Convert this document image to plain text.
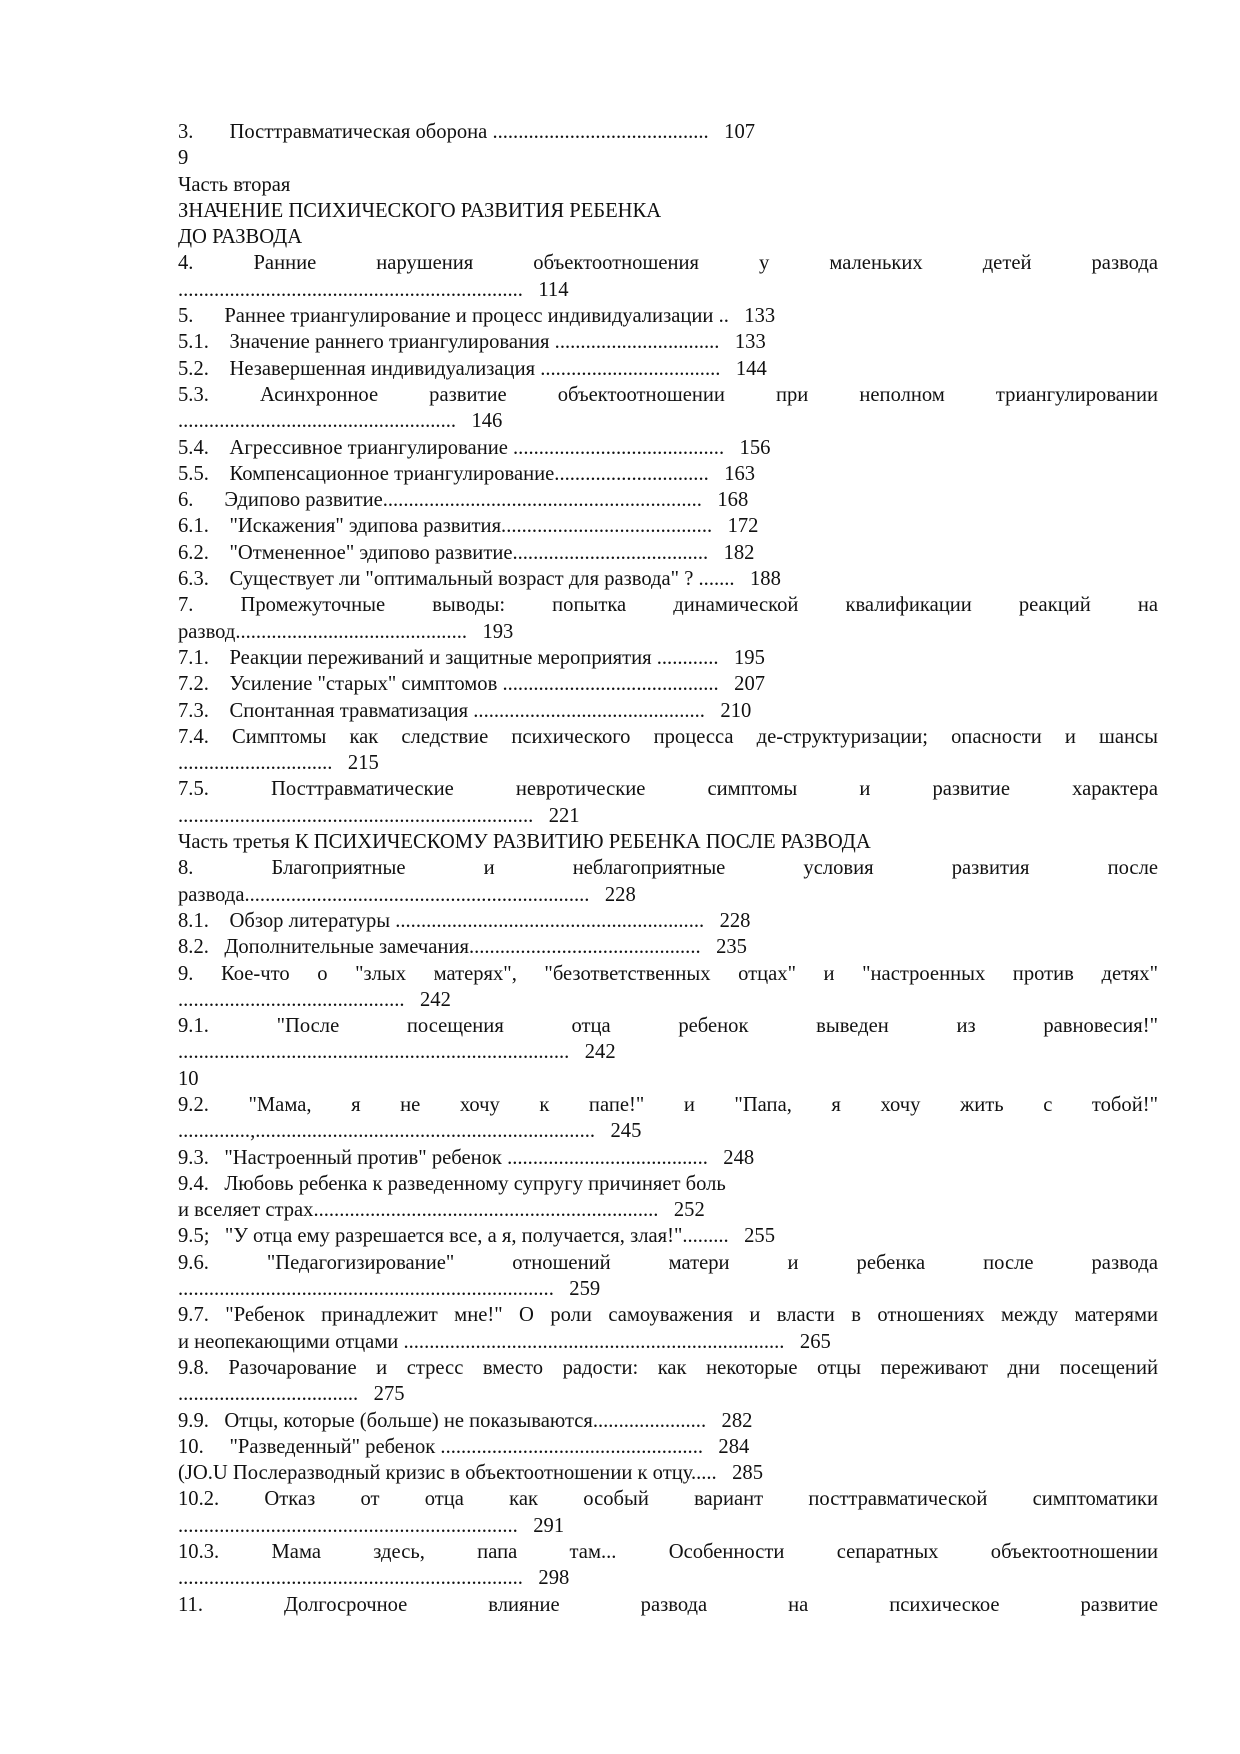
3.       Посттравматическая оборона ..........................................   107
9
Часть вторая
ЗНАЧЕНИЕ ПСИХИЧЕСКОГО РАЗВИТИЯ РЕБЕНКА
ДО РАЗВОДА
4. Ранние нарушения объектоотношения у маленьких детей развода
...................................................................   114
5.      Раннее триангулирование и процесс индивидуализации ..   133
5.1.    Значение раннего триангулирования ................................   133
5.2.    Незавершенная индивидуализация ...................................   144
5.3. Асинхронное развитие объектоотношении при неполном триангулировании
......................................................   146
5.4.    Агрессивное триангулирование .........................................   156
5.5.    Компенсационное триангулирование..............................   163
6.      Эдипово развитие..............................................................   168
6.1.    "Искажения" эдипова развития.........................................   172
6.2.    "Отмененное" эдипово развитие......................................   182
6.3.    Существует ли "оптимальный возраст для развода" ? .......   188
7. Промежуточные выводы: попытка динамической квалификации реакций на
развод.............................................   193
7.1.    Реакции переживаний и защитные мероприятия ............   195
7.2.    Усиление "старых" симптомов ..........................................   207
7.3.    Спонтанная травматизация .............................................   210
7.4. Симптомы как следствие психического процесса де-структуризации; опасности и шансы
..............................   215
7.5. Посттравматические невротические симптомы и развитие характера
.....................................................................   221
Часть третья К ПСИХИЧЕСКОМУ РАЗВИТИЮ РЕБЕНКА ПОСЛЕ РАЗВОДА
8. Благоприятные и неблагоприятные условия развития после
развода...................................................................   228
8.1.    Обзор литературы ............................................................   228
8.2.   Дополнительные замечания.............................................   235
9. Кое-что о "злых матерях", "безответственных отцах" и "настроенных против детях"
............................................   242
9.1. "После посещения отца ребенок выведен из равновесия!"
............................................................................   242
10
9.2. "Мама, я не хочу к папе!" и "Папа, я хочу жить с тобой!"
..............,..................................................................   245
9.3.   "Настроенный против" ребенок .......................................   248
9.4.   Любовь ребенка к разведенному супругу причиняет боль
и вселяет страх...................................................................   252
9.5;   "У отца ему разрешается все, а я, получается, злая!".........   255
9.6. "Педагогизирование" отношений матери и ребенка после развода
.........................................................................   259
9.7. "Ребенок принадлежит мне!" О роли самоуважения и власти в отношениях между матерями
и неопекающими отцами ..........................................................................   265
9.8. Разочарование и стресс вместо радости: как некоторые отцы переживают дни посещений
...................................   275
9.9.   Отцы, которые (больше) не показываются......................   282
10.     "Разведенный" ребенок ...................................................   284
(JO.U Послеразводный кризис в объектоотношении к отцу.....   285
10.2. Отказ от отца как особый вариант посттравматической симптоматики
..................................................................   291
10.3. Мама здесь, папа там... Особенности сепаратных объектоотношении
...................................................................   298
11. Долгосрочное влияние развода на психическое развитие
